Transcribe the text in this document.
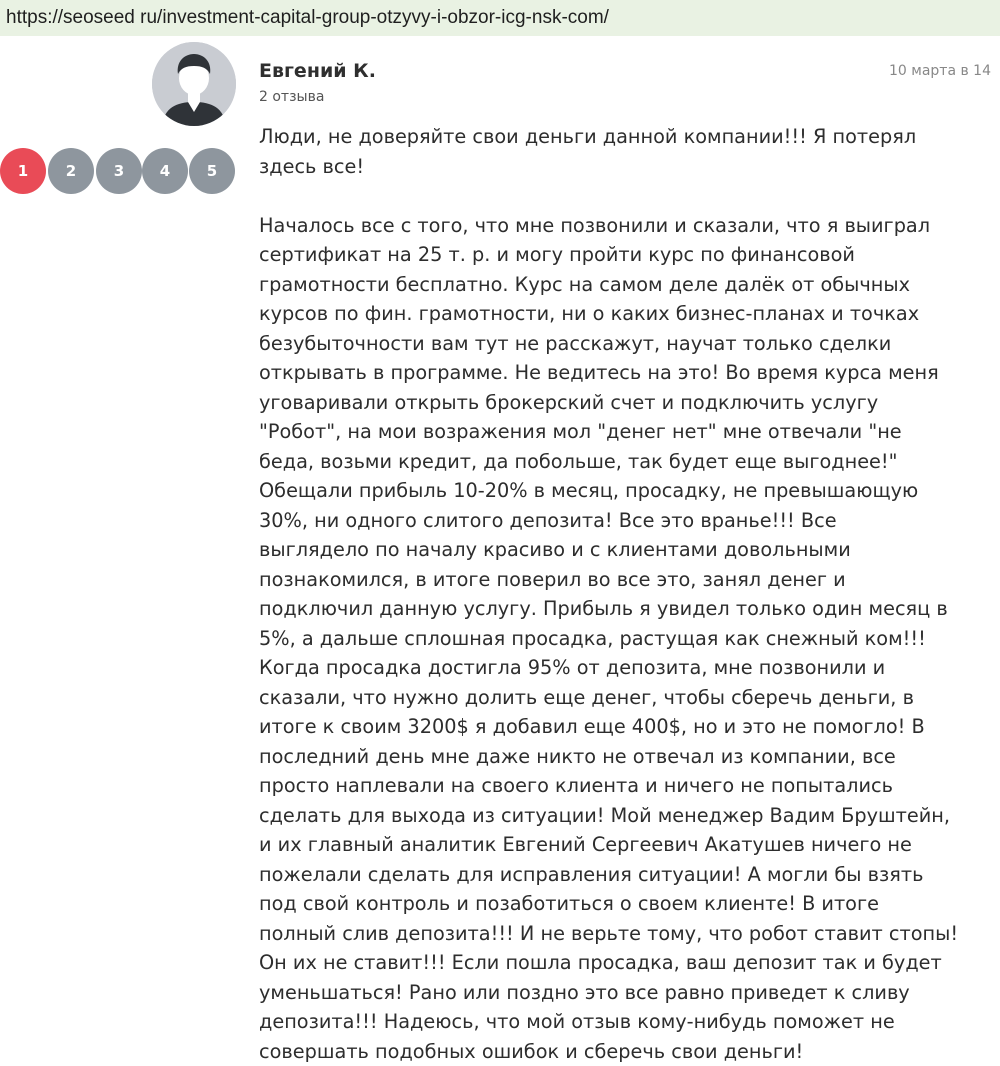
https://seoseed ru/investment-capital-group-otzyvy-i-obzor-icg-nsk-com/
Евгений К.
2 отзыва
10 марта в 14
1	2	3	4	5
Люди, не доверяйте свои деньги данной компании!!! Я потерял
здесь все!
Началось все с того, что мне позвонили и сказали, что я выиграл
сертификат на 25 т. р. и могу пройти курс по финансовой
грамотности бесплатно. Курс на самом деле далёк от обычных
курсов по фин. грамотности, ни о каких бизнес-планах и точках
безубыточности вам тут не расскажут, научат только сделки
открывать в программе. Не ведитесь на это! Во время курса меня
уговаривали открыть брокерский счет и подключить услугу
"Робот", на мои возражения мол "денег нет" мне отвечали "не
беда, возьми кредит, да побольше, так будет еще выгоднее!"
Обещали прибыль 10-20% в месяц, просадку, не превышающую
30%, ни одного слитого депозита! Все это вранье!!! Все
выглядело по началу красиво и с клиентами довольными
познакомился, в итоге поверил во все это, занял денег и
подключил данную услугу. Прибыль я увидел только один месяц в
5%, а дальше сплошная просадка, растущая как снежный ком!!!
Когда просадка достигла 95% от депозита, мне позвонили и
сказали, что нужно долить еще денег, чтобы сберечь деньги, в
итоге к своим 3200$ я добавил еще 400$, но и это не помогло! В
последний день мне даже никто не отвечал из компании, все
просто наплевали на своего клиента и ничего не попытались
сделать для выхода из ситуации! Мой менеджер Вадим Бруштейн,
и их главный аналитик Евгений Сергеевич Акатушев ничего не
пожелали сделать для исправления ситуации! А могли бы взять
под свой контроль и позаботиться о своем клиенте! В итоге
полный слив депозита!!! И не верьте тому, что робот ставит стопы!
Он их не ставит!!! Если пошла просадка, ваш депозит так и будет
уменьшаться! Рано или поздно это все равно приведет к сливу
депозита!!! Надеюсь, что мой отзыв кому-нибудь поможет не
совершать подобных ошибок и сберечь свои деньги!
